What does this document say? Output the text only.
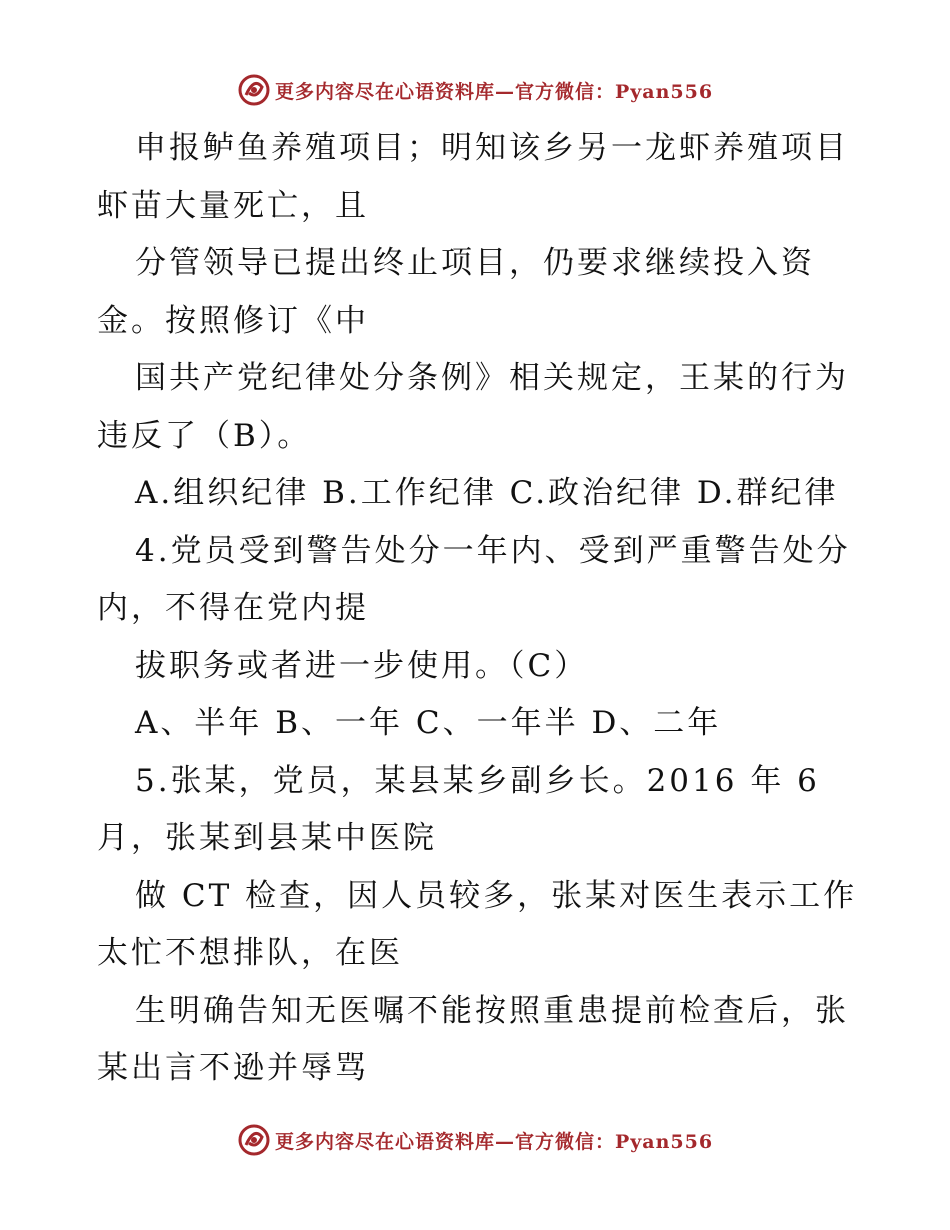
更多内容尽在心语资料库—官方微信：Pyan556
申报鲈鱼养殖项目；明知该乡另一龙虾养殖项目
虾苗大量死亡，且
分管领导已提出终止项目，仍要求继续投入资
金。按照修订《中
国共产党纪律处分条例》相关规定，王某的行为
违反了（B）。
A.组织纪律 B.工作纪律 C.政治纪律 D.群纪律
4.党员受到警告处分一年内、受到严重警告处分
内，不得在党内提
拔职务或者进一步使用。（C）
A、半年 B、一年 C、一年半 D、二年
5.张某，党员，某县某乡副乡长。2016 年 6
月，张某到县某中医院
做 CT 检查，因人员较多，张某对医生表示工作
太忙不想排队，在医
生明确告知无医嘱不能按照重患提前检查后，张
某出言不逊并辱骂
更多内容尽在心语资料库—官方微信：Pyan556
